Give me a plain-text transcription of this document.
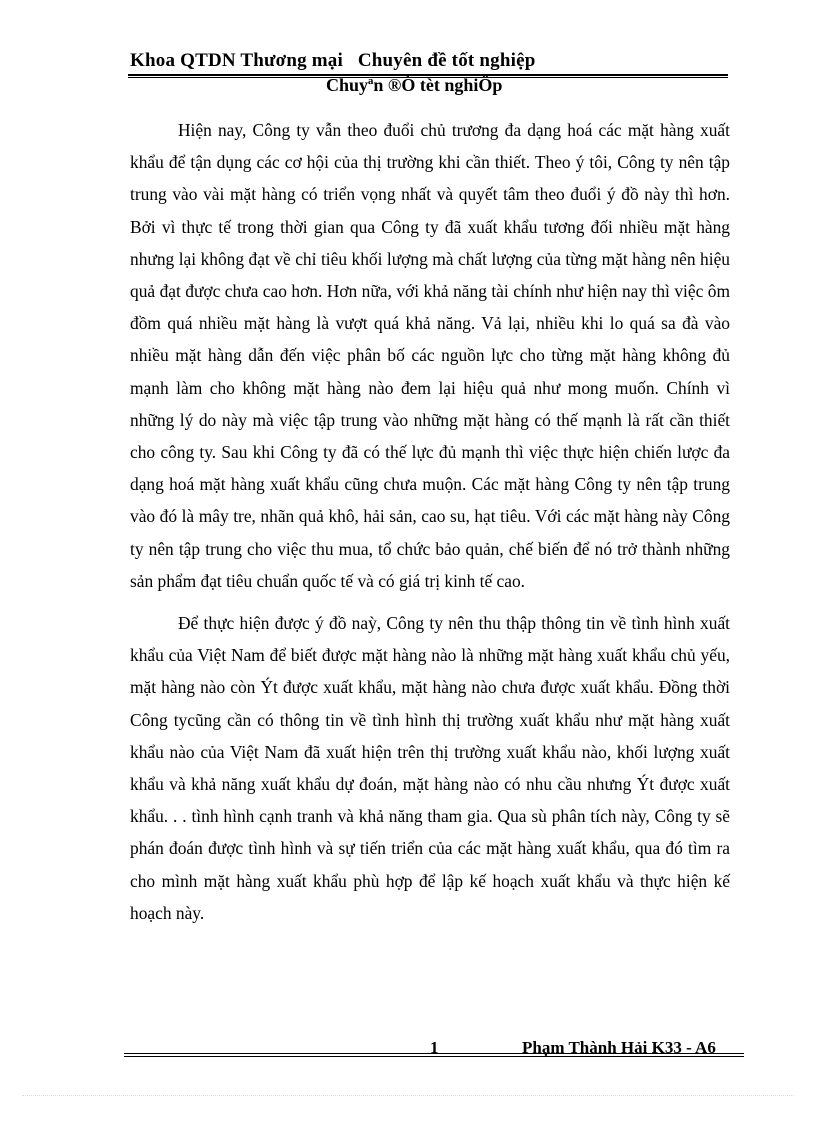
Khoa QTDN Thương mại   Chuyên đề tốt nghiệp
Chuyªn ®Ò tèt nghiÖp

Hiện nay, Công ty vẫn theo đuổi chủ trương đa dạng hoá các mặt hàng xuất khẩu để tận dụng các cơ hội của thị trường khi cần thiết. Theo ý tôi, Công ty nên tập trung vào vài mặt hàng có triển vọng nhất và quyết tâm theo đuổi ý đồ này thì hơn. Bởi vì thực tế trong thời gian qua Công ty đã xuất khẩu tương đối nhiều mặt hàng nhưng lại không đạt về chỉ tiêu khối lượng mà chất lượng của từng mặt hàng nên hiệu quả đạt được chưa cao hơn. Hơn nữa, với khả năng tài chính như hiện nay thì việc ôm đồm quá nhiều mặt hàng là vượt quá khả năng. Vả lại, nhiều khi lo quá sa đà vào nhiều mặt hàng dẫn đến việc phân bố các nguồn lực cho từng mặt hàng không đủ mạnh làm cho không mặt hàng nào đem lại hiệu quả như mong muốn. Chính vì những lý do này mà việc tập trung vào những mặt hàng có thế mạnh là rất cần thiết cho công ty. Sau khi Công ty đã có thế lực đủ mạnh thì việc thực hiện chiến lược đa dạng hoá mặt hàng xuất khẩu cũng chưa muộn. Các mặt hàng Công ty nên tập trung vào đó là mây tre, nhãn quả khô, hải sản, cao su, hạt tiêu. Với các mặt hàng này Công ty nên tập trung cho việc thu mua, tổ chức bảo quản, chế biến để nó trở thành những sản phẩm đạt tiêu chuẩn quốc tế và có giá trị kinh tế cao.

Để thực hiện được ý đồ naỳ, Công ty nên thu thập thông tin về tình hình xuất khẩu của Việt Nam để biết được mặt hàng nào là những mặt hàng xuất khẩu chủ yếu, mặt hàng nào còn Ýt được xuất khẩu, mặt hàng nào chưa được xuất khẩu. Đồng thời Công tycũng cần có thông tin về tình hình thị trường xuất khẩu như mặt hàng xuất khẩu nào của Việt Nam đã xuất hiện trên thị trường xuất khẩu nào, khối lượng xuất khẩu và khả năng xuất khẩu dự đoán, mặt hàng nào có nhu cầu nhưng Ýt được xuất khẩu. . . tình hình cạnh tranh và khả năng tham gia. Qua sù phân tích này, Công ty sẽ phán đoán được tình hình và sự tiến triển của các mặt hàng xuất khẩu, qua đó tìm ra cho mình mặt hàng xuất khẩu phù hợp để lập kế hoạch xuất khẩu và thực hiện kế hoạch này.

1	Phạm Thành Hải K33 - A6
